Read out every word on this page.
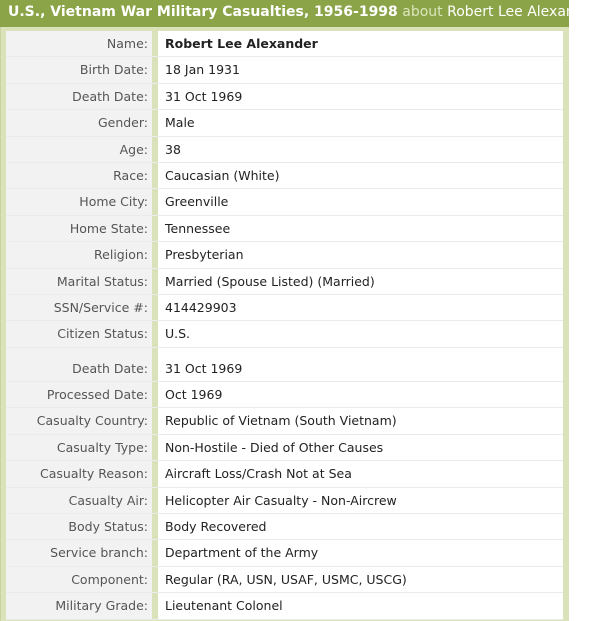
U.S., Vietnam War Military Casualties, 1956-1998 about Robert Lee Alexander
Name:	Robert Lee Alexander
Birth Date:	18 Jan 1931
Death Date:	31 Oct 1969
Gender:	Male
Age:	38
Race:	Caucasian (White)
Home City:	Greenville
Home State:	Tennessee
Religion:	Presbyterian
Marital Status:	Married (Spouse Listed) (Married)
SSN/Service #:	414429903
Citizen Status:	U.S.
Death Date:	31 Oct 1969
Processed Date:	Oct 1969
Casualty Country:	Republic of Vietnam (South Vietnam)
Casualty Type:	Non-Hostile - Died of Other Causes
Casualty Reason:	Aircraft Loss/Crash Not at Sea
Casualty Air:	Helicopter Air Casualty - Non-Aircrew
Body Status:	Body Recovered
Service branch:	Department of the Army
Component:	Regular (RA, USN, USAF, USMC, USCG)
Military Grade:	Lieutenant Colonel
